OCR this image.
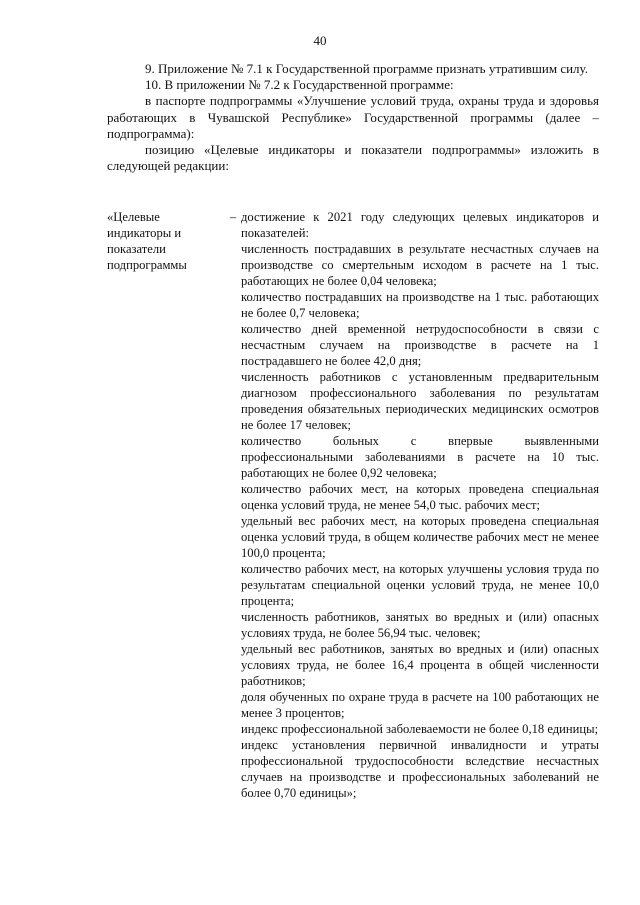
40

9. Приложение № 7.1 к Государственной программе признать утратившим силу.

10. В приложении № 7.2 к Государственной программе:

в паспорте подпрограммы «Улучшение условий труда, охраны труда и здоровья работающих в Чувашской Республике» Государственной программы (далее – подпрограмма):

позицию «Целевые индикаторы и показатели подпрограммы» изложить в следующей редакции:

«Целевые индикаторы и показатели подпрограммы
– достижение к 2021 году следующих целевых индикаторов и показателей:

численность пострадавших в результате несчастных случаев на производстве со смертельным исходом в расчете на 1 тыс. работающих не более 0,04 человека;

количество пострадавших на производстве на 1 тыс. работающих не более 0,7 человека;

количество дней временной нетрудоспособности в связи с несчастным случаем на производстве в расчете на 1 пострадавшего не более 42,0 дня;

численность работников с установленным предварительным диагнозом профессионального заболевания по результатам проведения обязательных периодических медицинских осмотров не более 17 человек;

количество больных с впервые выявленными профессиональными заболеваниями в расчете на 10 тыс. работающих не более 0,92 человека;

количество рабочих мест, на которых проведена специальная оценка условий труда, не менее 54,0 тыс. рабочих мест;

удельный вес рабочих мест, на которых проведена специальная оценка условий труда, в общем количестве рабочих мест не менее 100,0 процента;

количество рабочих мест, на которых улучшены условия труда по результатам специальной оценки условий труда, не менее 10,0 процента;

численность работников, занятых во вредных и (или) опасных условиях труда, не более 56,94 тыс. человек;

удельный вес работников, занятых во вредных и (или) опасных условиях труда, не более 16,4 процента в общей численности работников;

доля обученных по охране труда в расчете на 100 работающих не менее 3 процентов;

индекс профессиональной заболеваемости не более 0,18 единицы;

индекс установления первичной инвалидности и утраты профессиональной трудоспособности вследствие несчастных случаев на производстве и профессиональных заболеваний не более 0,70 единицы»;
